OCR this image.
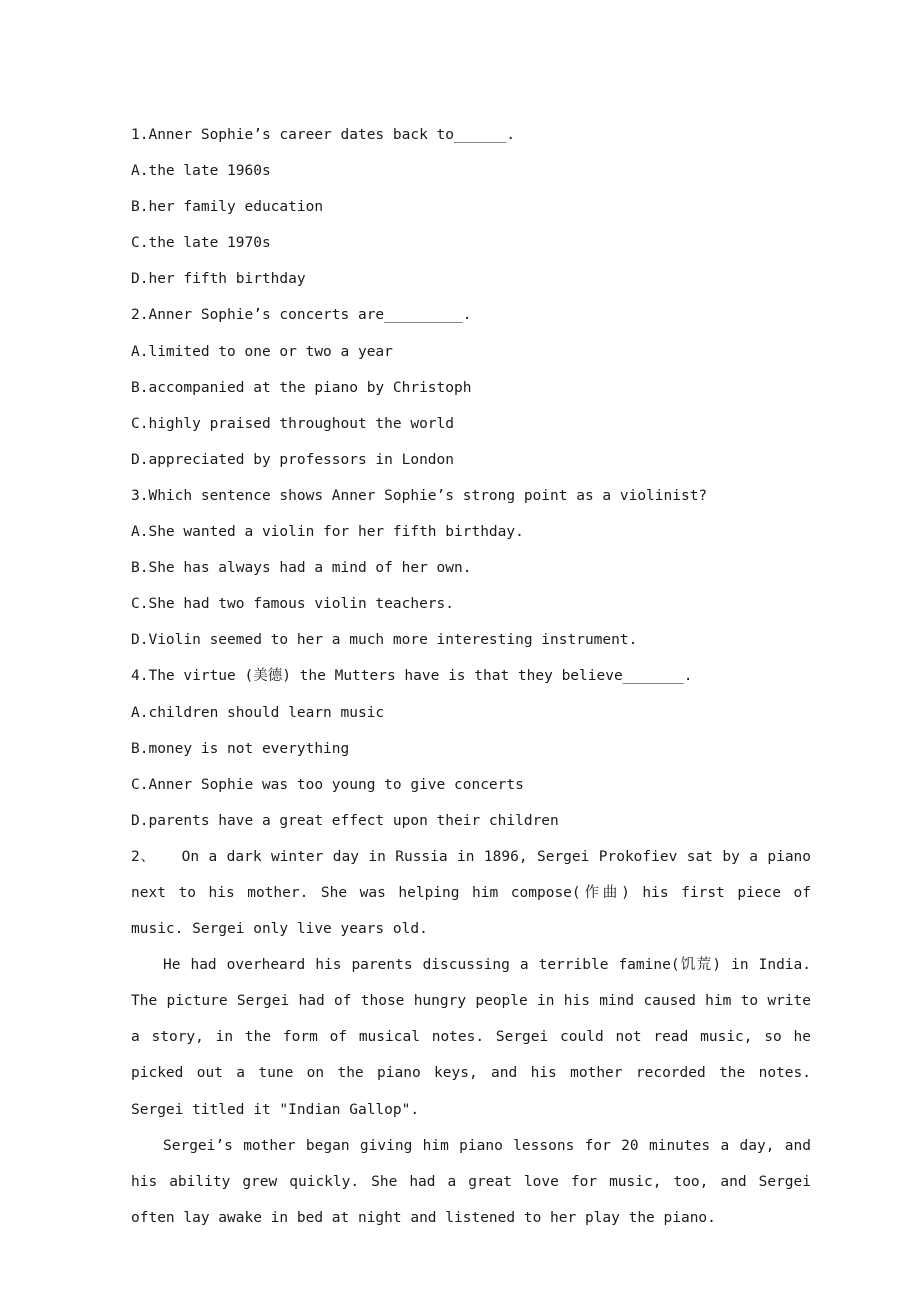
1.Anner Sophie’s career dates back to______.
A.the late 1960s
B.her family education
C.the late 1970s
D.her fifth birthday
2.Anner Sophie’s concerts are_________.
A.limited to one or two a year
B.accompanied at the piano by Christoph
C.highly praised throughout the world
D.appreciated by professors in London
3.Which sentence shows Anner Sophie’s strong point as a violinist?
A.She wanted a violin for her fifth birthday.
B.She has always had a mind of her own.
C.She had two famous violin teachers.
D.Violin seemed to her a much more interesting instrument.
4.The virtue (美德) the Mutters have is that they believe_______.
A.children should learn music
B.money is not everything
C.Anner Sophie was too young to give concerts
D.parents have a great effect upon their children
2、 On a dark winter day in Russia in 1896, Sergei Prokofiev sat by a piano next to his mother. She was helping him compose(作曲) his first piece of music. Sergei only live years old.
He had overheard his parents discussing a terrible famine(饥荒) in India. The picture Sergei had of those hungry people in his mind caused him to write a story, in the form of musical notes. Sergei could not read music, so he picked out a tune on the piano keys, and his mother recorded the notes. Sergei titled it "Indian Gallop".
Sergei’s mother began giving him piano lessons for 20 minutes a day, and his ability grew quickly. She had a great love for music, too, and Sergei often lay awake in bed at night and listened to her play the piano.
